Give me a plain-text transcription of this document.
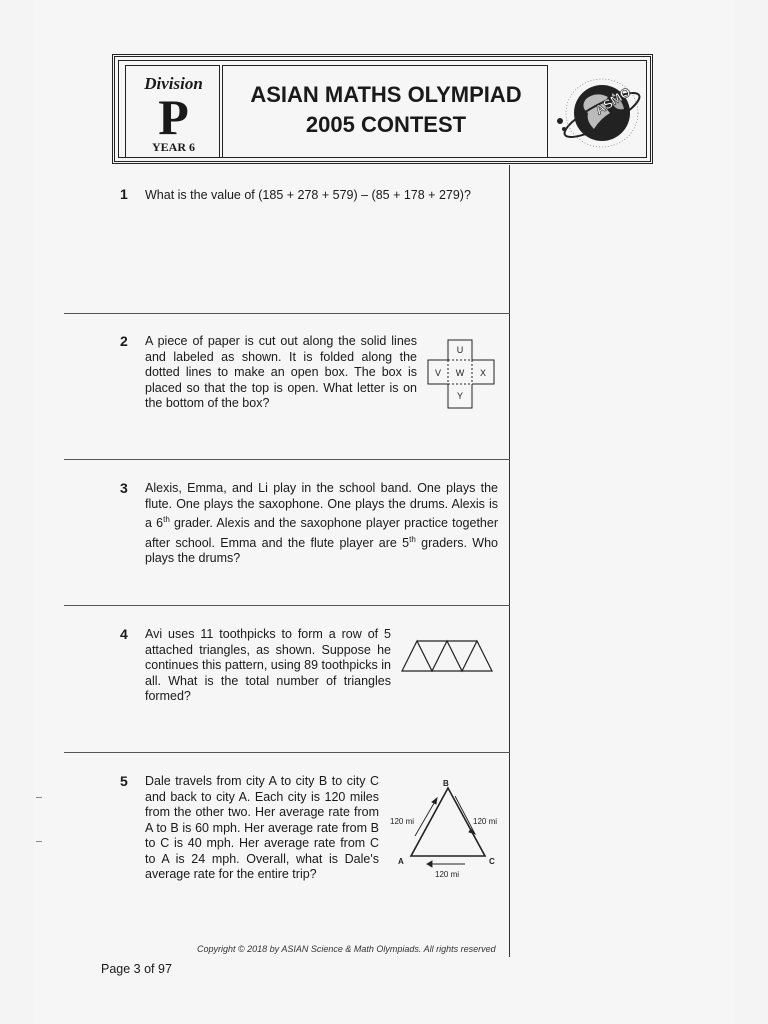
Division
P
YEAR 6
ASIAN MATHS OLYMPIAD
2005 CONTEST
ASMO
1 What is the value of (185 + 278 + 579) – (85 + 178 + 279)?
2 A piece of paper is cut out along the solid lines and labeled as shown. It is folded along the dotted lines to make an open box. The box is placed so that the top is open. What letter is on the bottom of the box?
U
V W X
Y
3 Alexis, Emma, and Li play in the school band. One plays the flute. One plays the saxophone. One plays the drums. Alexis is a 6th grader. Alexis and the saxophone player practice together after school. Emma and the flute player are 5th graders. Who plays the drums?
4 Avi uses 11 toothpicks to form a row of 5 attached triangles, as shown. Suppose he continues this pattern, using 89 toothpicks in all. What is the total number of triangles formed?
5 Dale travels from city A to city B to city C and back to city A. Each city is 120 miles from the other two. Her average rate from A to B is 60 mph. Her average rate from B to C is 40 mph. Her average rate from C to A is 24 mph. Overall, what is Dale's average rate for the entire trip?
B
A	C
120 mi	120 mi
120 mi
Copyright © 2018 by ASIAN Science & Math Olympiads. All rights reserved
Page 3 of 97
